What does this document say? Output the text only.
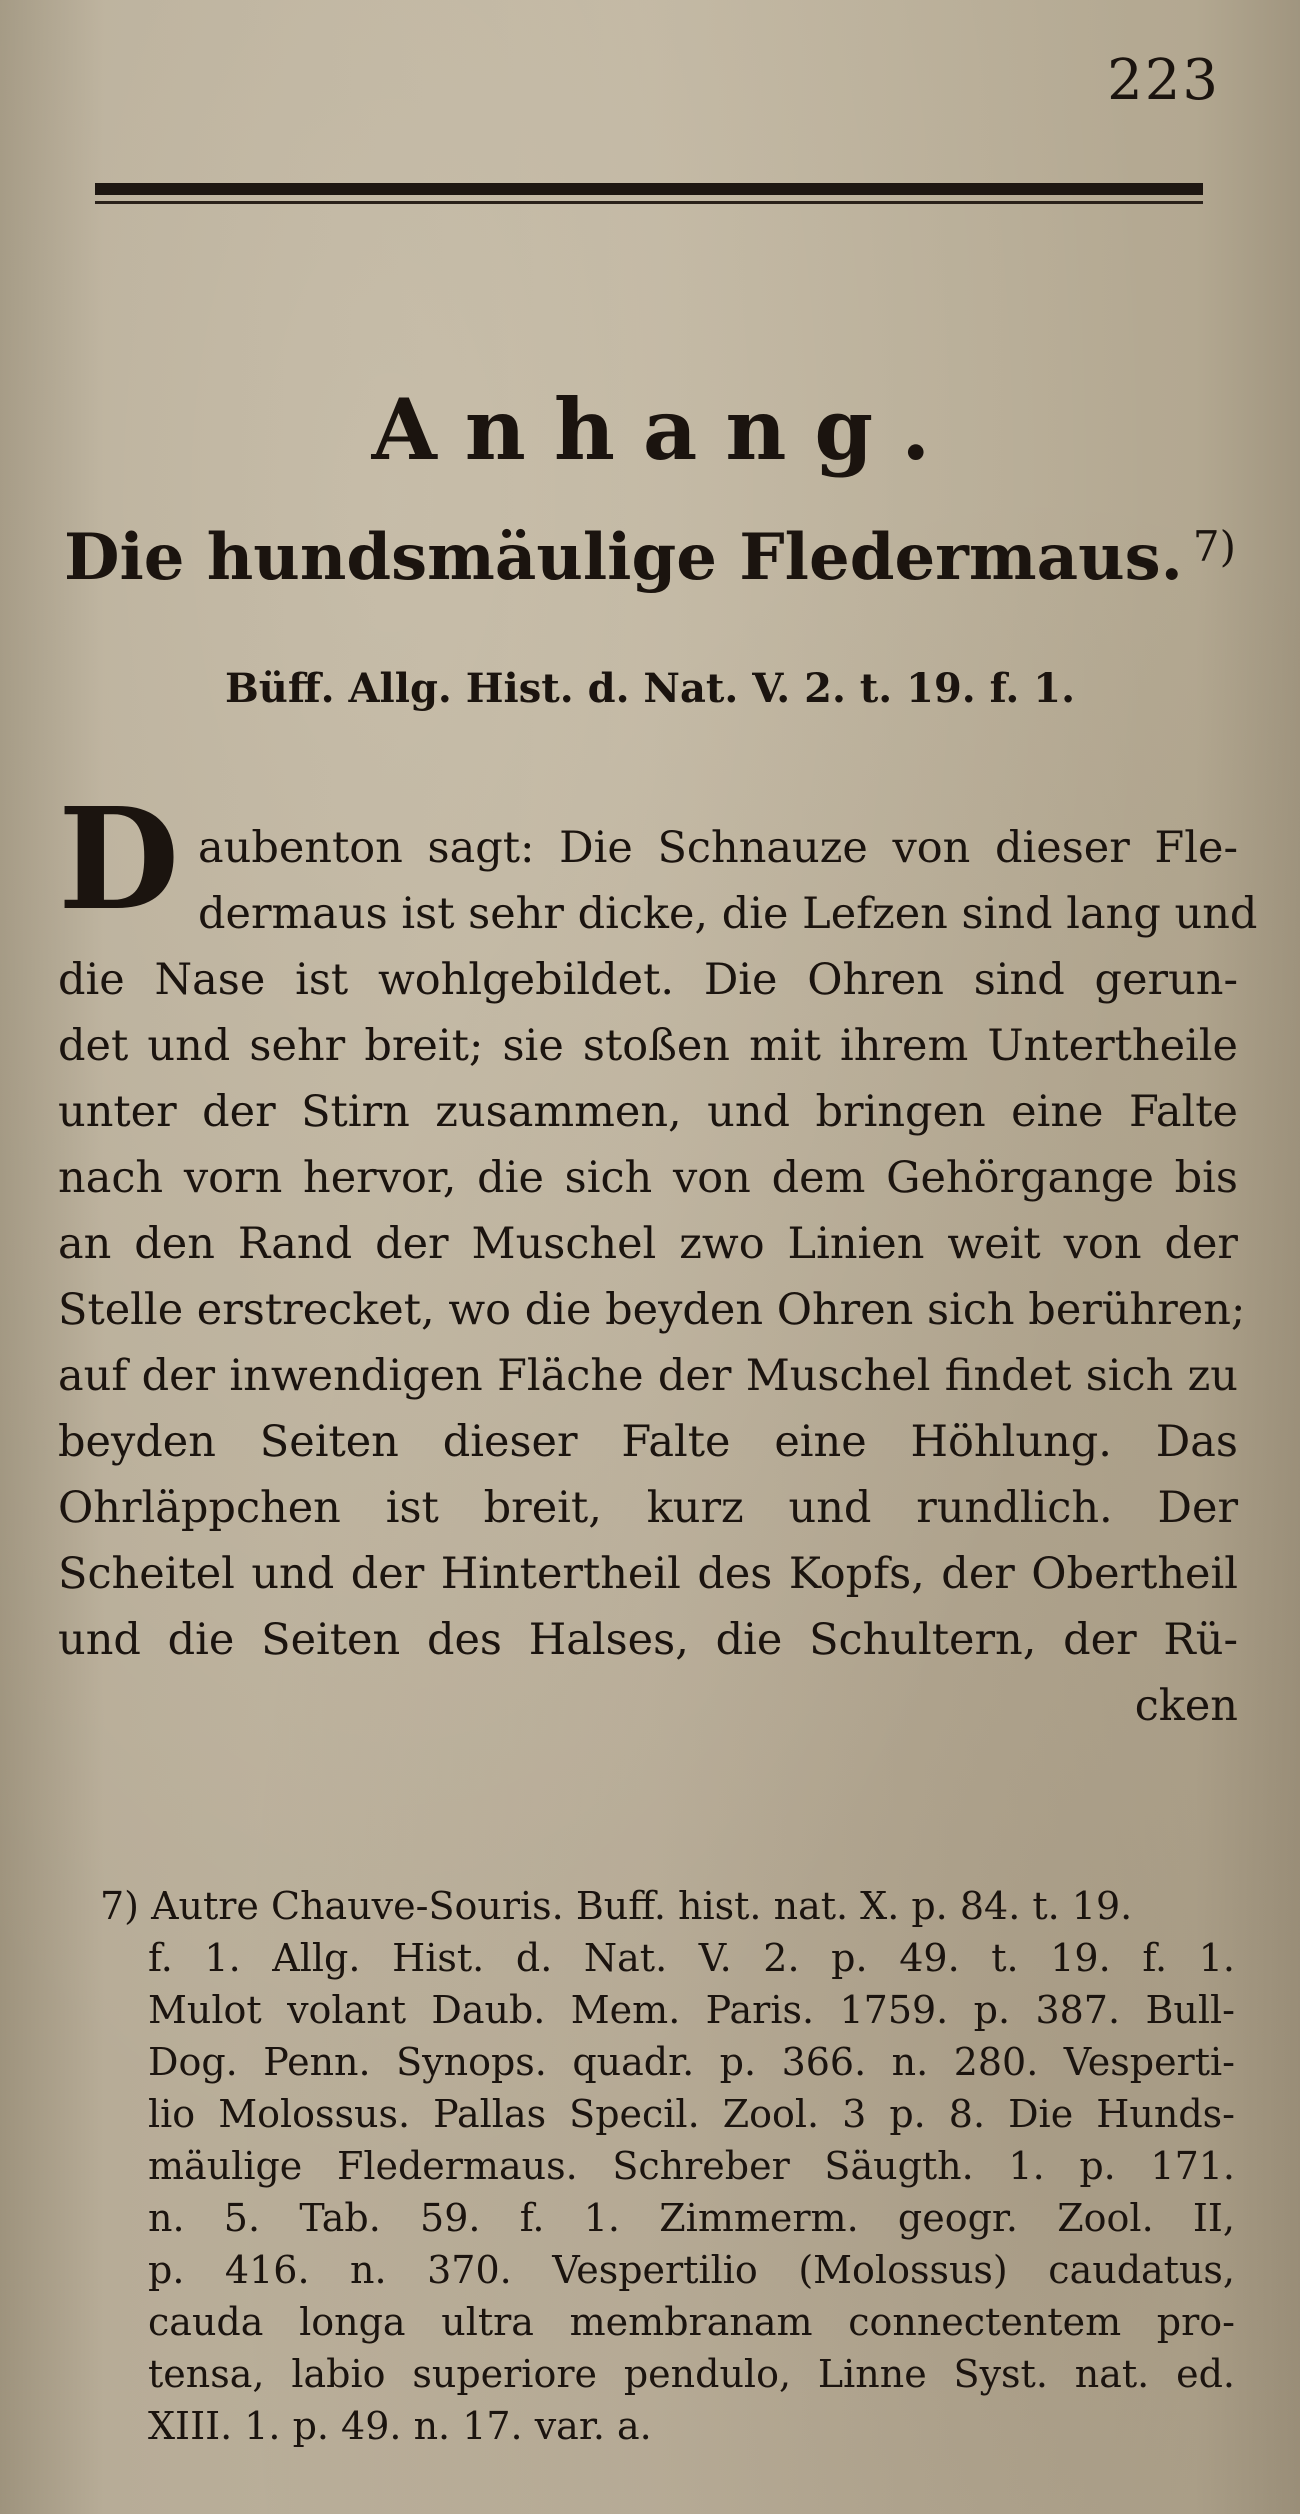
223
Anhang.
Die hundsmäulige Fledermaus. $^{7)}$
Büff. Allg. Hist. d. Nat. V. 2. t. 19. f. 1.
D aubenton sagt: Die Schnauze von dieser Fle-
dermaus ist sehr dicke, die Lefzen sind lang und
die Nase ist wohlgebildet. Die Ohren sind gerun-
det und sehr breit; sie stoßen mit ihrem Untertheile
unter der Stirn zusammen, und bringen eine Falte
nach vorn hervor, die sich von dem Gehörgange bis
an den Rand der Muschel zwo Linien weit von der
Stelle erstrecket, wo die beyden Ohren sich berühren;
auf der inwendigen Fläche der Muschel findet sich zu
beyden Seiten dieser Falte eine Höhlung. Das
Ohrläppchen ist breit, kurz und rundlich. Der
Scheitel und der Hintertheil des Kopfs, der Obertheil
und die Seiten des Halses, die Schultern, der Rü-
cken
7) Autre Chauve-Souris. Buff. hist. nat. X. p. 84. t. 19.
f. 1. Allg. Hist. d. Nat. V. 2. p. 49. t. 19. f. 1.
Mulot volant Daub. Mem. Paris. 1759. p. 387. Bull-
Dog. Penn. Synops. quadr. p. 366. n. 280. Vesperti-
lio Molossus. Pallas Specil. Zool. 3 p. 8. Die Hunds-
mäulige Fledermaus. Schreber Säugth. 1. p. 171.
n. 5. Tab. 59. f. 1. Zimmerm. geogr. Zool. II,
p. 416. n. 370. Vespertilio (Molossus) caudatus,
cauda longa ultra membranam connectentem pro-
tensa, labio superiore pendulo, Linne Syst. nat. ed.
XIII. 1. p. 49. n. 17. var. a.
